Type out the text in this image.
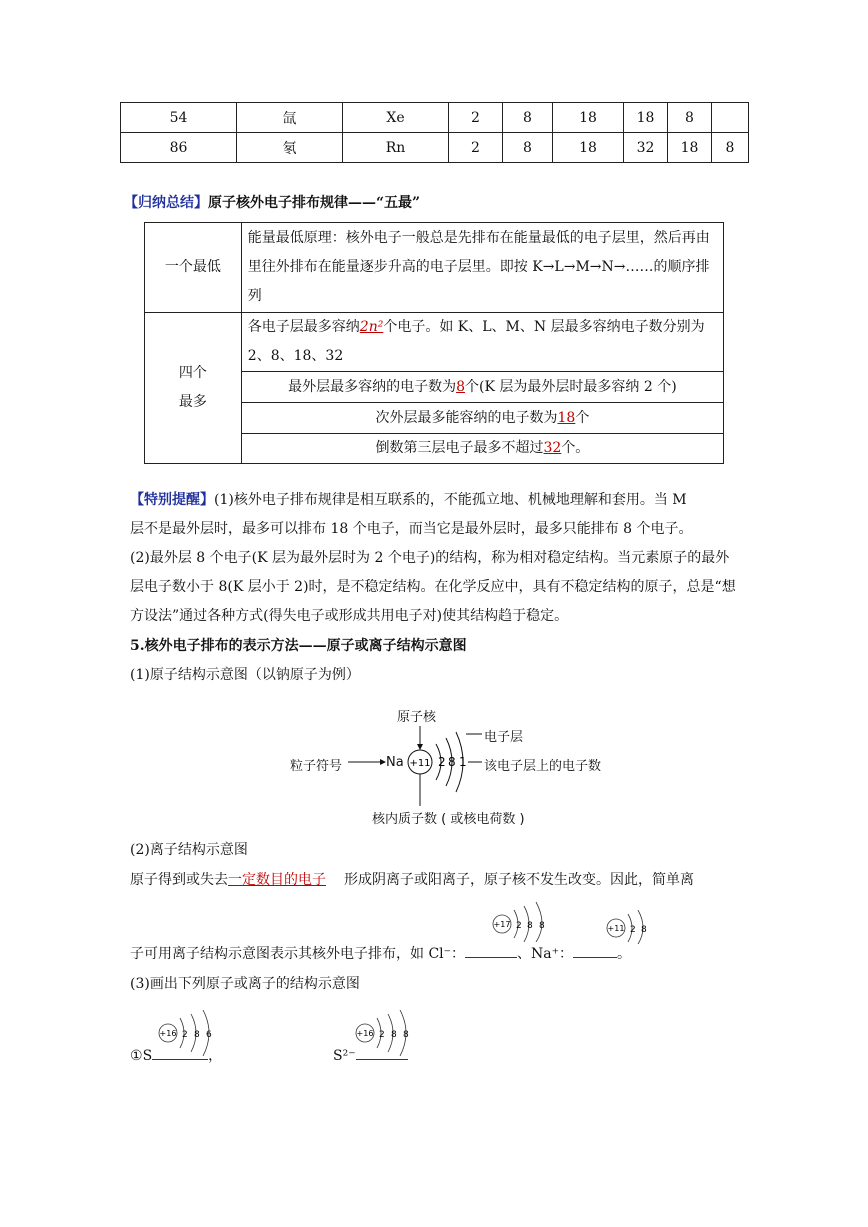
54	氙	Xe	2	8	18	18	8	
86	氡	Rn	2	8	18	32	18	8
【归纳总结】原子核外电子排布规律——“五最”
一个最低	能量最低原理：核外电子一般总是先排布在能量最低的电子层里，然后再由里往外排布在能量逐步升高的电子层里。即按 K→L→M→N→……的顺序排列

四个
最多	各电子层最多容纳2n²个电子。如 K、L、M、N 层最多容纳电子数分别为 2、8、18、32
	最外层最多容纳的电子数为8个(K 层为最外层时最多容纳 2 个)
	次外层最多能容纳的电子数为18个
	倒数第三层电子最多不超过32个。
【特别提醒】(1)核外电子排布规律是相互联系的，不能孤立地、机械地理解和套用。当 M
层不是最外层时，最多可以排布 18 个电子，而当它是最外层时，最多只能排布 8 个电子。
(2)最外层 8 个电子(K 层为最外层时为 2 个电子)的结构，称为相对稳定结构。当元素原子的最外
层电子数小于 8(K 层小于 2)时，是不稳定结构。在化学反应中，具有不稳定结构的原子，总是“想
方设法”通过各种方式(得失电子或形成共用电子对)使其结构趋于稳定。
5.核外电子排布的表示方法——原子或离子结构示意图
(1)原子结构示意图（以钠原子为例）
原子核
电子层
粒子符号	Na	该电子层上的电子数
核内质子数 ( 或核电荷数 )
+11 2 8 1
(2)离子结构示意图
原子得到或失去一定数目的电子 形成阴离子或阳离子，原子核不发生改变。因此，简单离
+17 2 8 8	+11 2 8
子可用离子结构示意图表示其核外电子排布，如 Cl⁻：	、Na⁺：	。
(3)画出下列原子或离子的结构示意图
+16 2 8 6	+16 2 8 8
①S	，	S²⁻
